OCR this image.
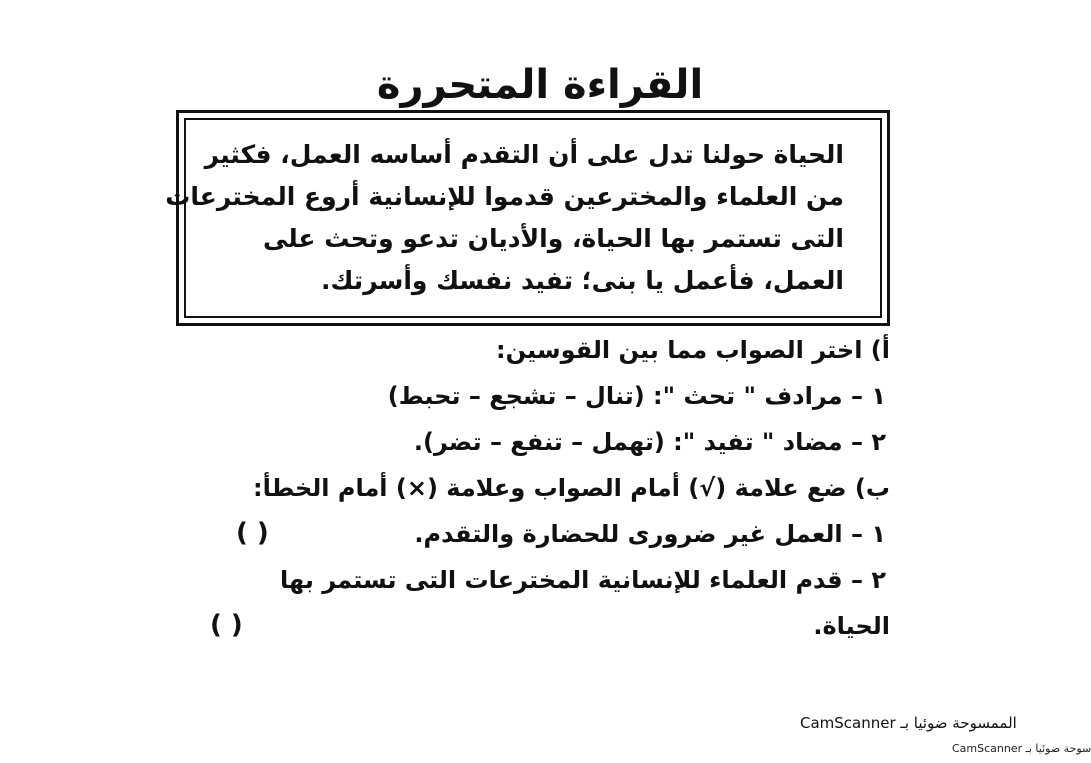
القراءة المتحررة
الحياة حولنا تدل على أن التقدم أساسه العمل، فكثير
من العلماء والمخترعين قدموا للإنسانية أروع المخترعات
التى تستمر بها الحياة، والأديان تدعو وتحث على
العمل، فأعمل يا بنى؛ تفيد نفسك وأسرتك.
أ) اختر الصواب مما بين القوسين:
١ – مرادف " تحث ": (تنال – تشجع – تحبط)
٢ – مضاد " تفيد ": (تهمل – تنفع – تضر).
ب) ضع علامة (√) أمام الصواب وعلامة (×) أمام الخطأ:
١ – العمل غير ضرورى للحضارة والتقدم.
( )
٢ – قدم العلماء للإنسانية المخترعات التى تستمر بها
الحياة.
( )
CamScanner الممسوحة ضوئيا بـ
CamScanner سوحة ضوئيا بـ
